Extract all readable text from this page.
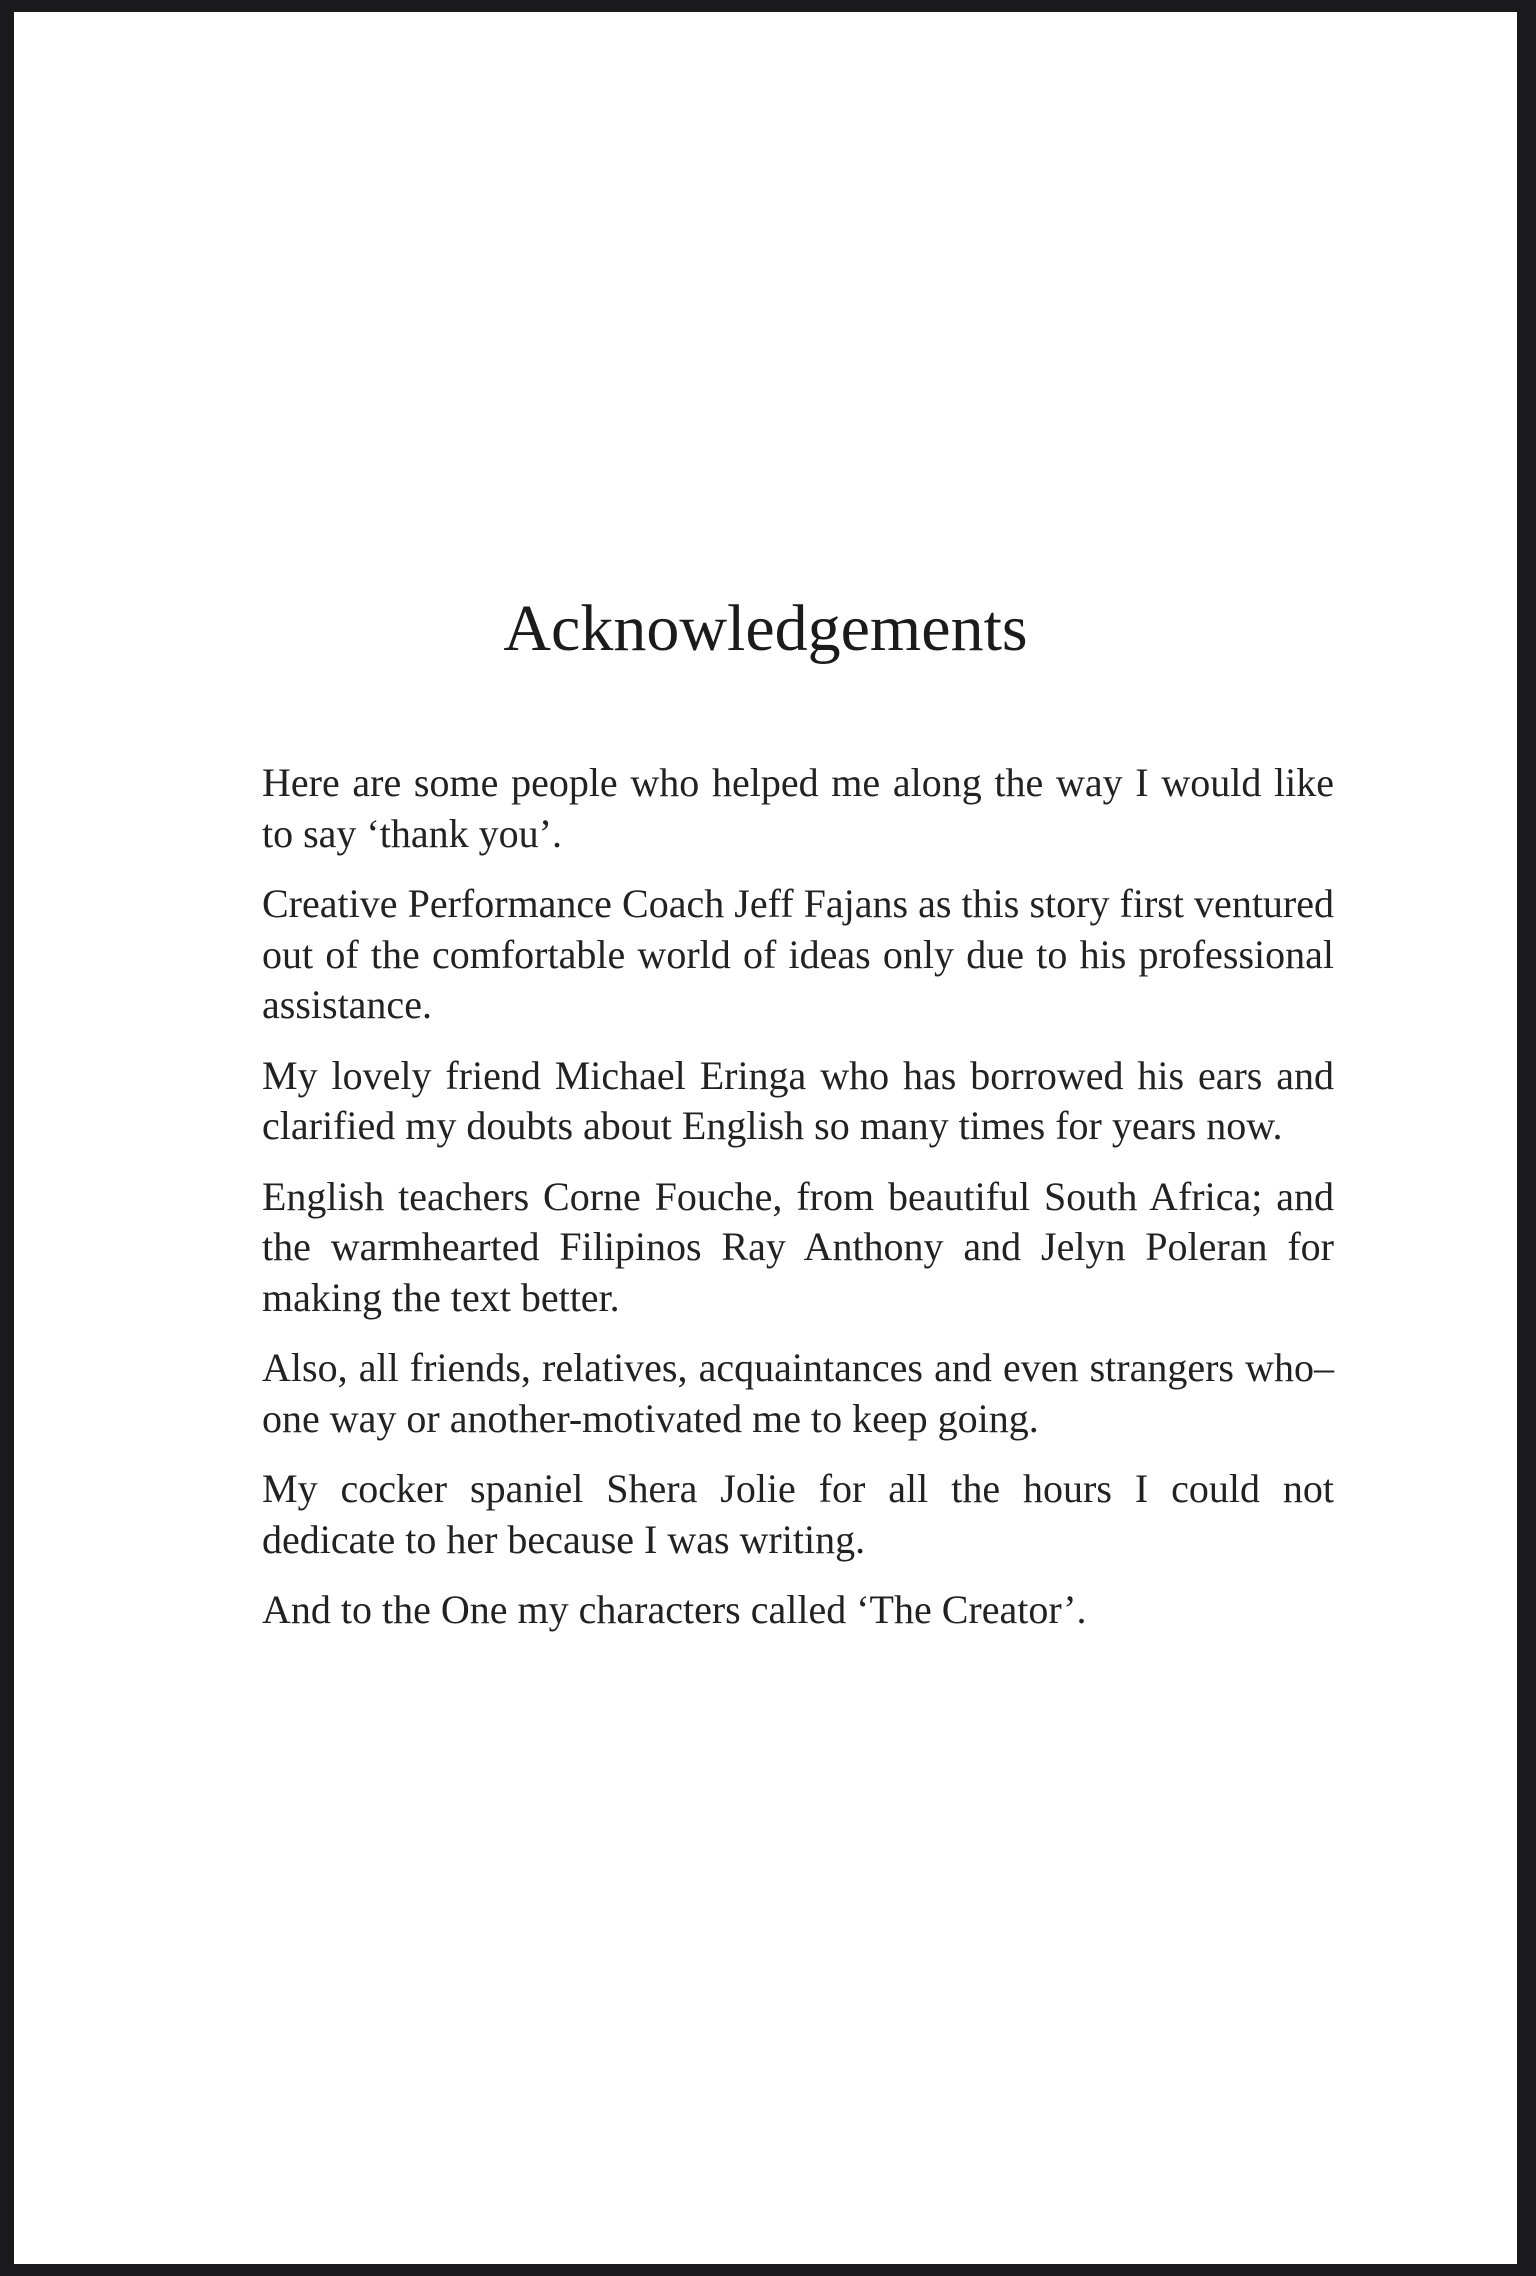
Acknowledgements

Here are some people who helped me along the way I would like to say ‘thank you’.

Creative Performance Coach Jeff Fajans as this story first ventured out of the comfortable world of ideas only due to his professional assistance.

My lovely friend Michael Eringa who has borrowed his ears and clarified my doubts about English so many times for years now.

English teachers Corne Fouche, from beautiful South Africa; and the warmhearted Filipinos Ray Anthony and Jelyn Poleran for making the text better.

Also, all friends, relatives, acquaintances and even strangers who–one way or another-motivated me to keep going.

My cocker spaniel Shera Jolie for all the hours I could not dedicate to her because I was writing.

And to the One my characters called ‘The Creator’.
